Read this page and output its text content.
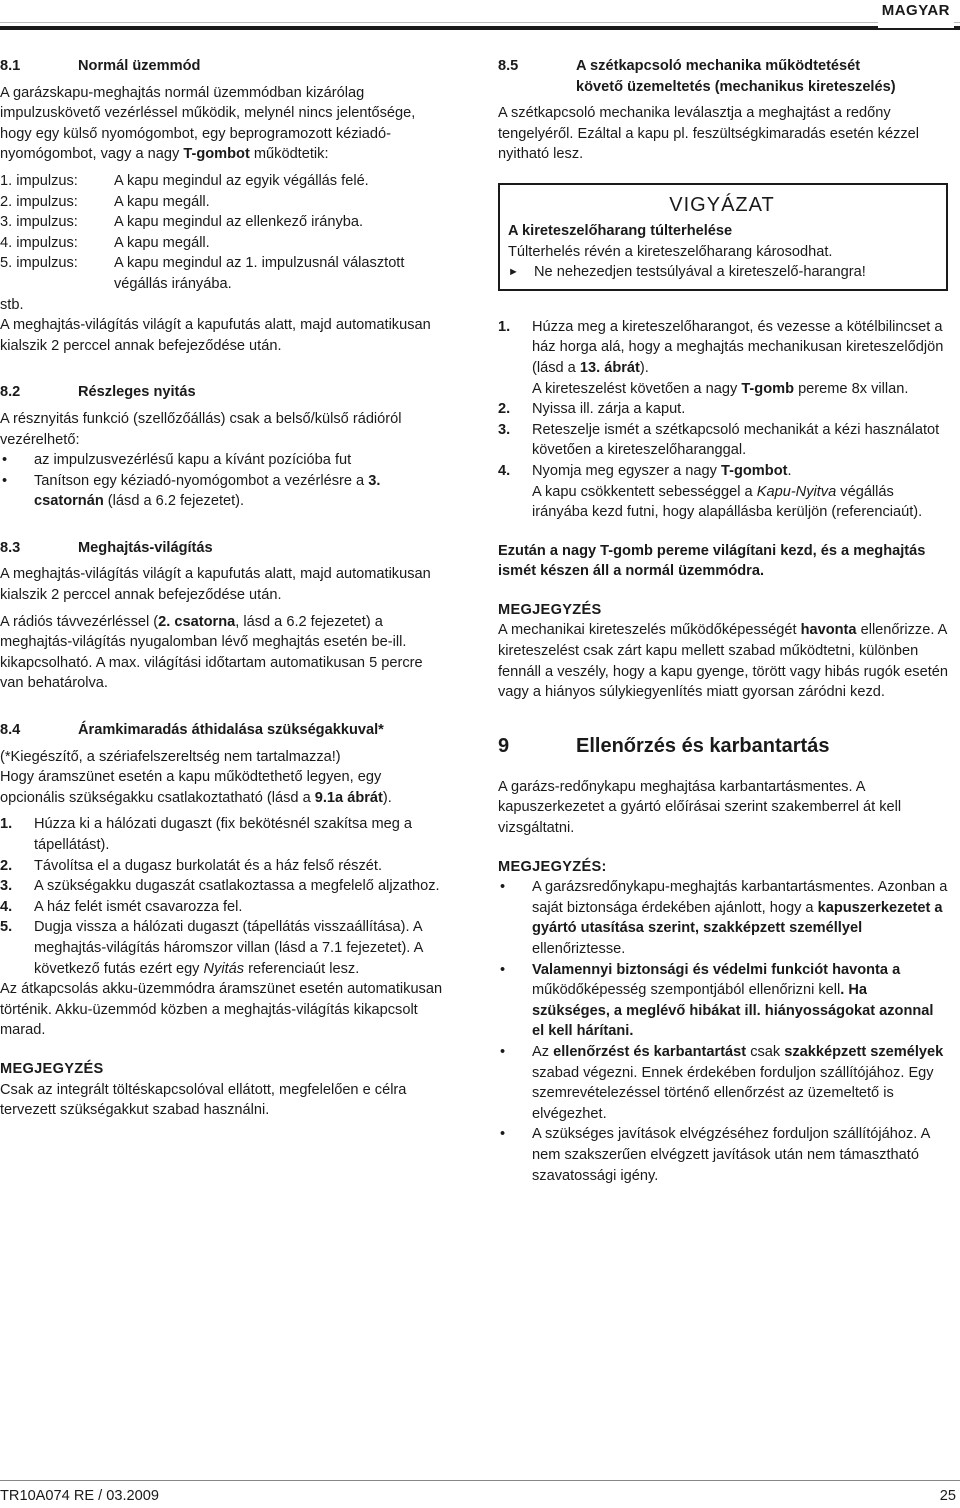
MAGYAR
8.1	Normál üzemmód

A garázskapu-meghajtás normál üzemmódban kizárólag impulzuskövető vezérléssel működik, melynél nincs jelentősége, hogy egy külső nyomógombot, egy beprogramozott kéziadó-nyomógombot, vagy a nagy T-gombot működtetik:

1. impulzus:	A kapu megindul az egyik végállás felé.
2. impulzus:	A kapu megáll.
3. impulzus:	A kapu megindul az ellenkező irányba.
4. impulzus:	A kapu megáll.
5. impulzus:	A kapu megindul az 1. impulzusnál választott végállás irányába.

stb.

A meghajtás-világítás világít a kapufutás alatt, majd automatikusan kialszik 2 perccel annak befejeződése után.

8.2	Részleges nyitás

A résznyitás funkció (szellőzőállás) csak a belső/külső rádióról vezérelhető:

• az impulzusvezérlésű kapu a kívánt pozícióba fut
• Tanítson egy kéziadó-nyomógombot a vezérlésre a 3. csatornán (lásd a 6.2 fejezetet).
8.3	Meghajtás-világítás

A meghajtás-világítás világít a kapufutás alatt, majd automatikusan kialszik 2 perccel annak befejeződése után.

A rádiós távvezérléssel (2. csatorna, lásd a 6.2 fejezetet) a meghajtás-világítás nyugalomban lévő meghajtás esetén be-ill. kikapcsolható. A max. világítási időtartam automatikusan 5 percre van behatárolva.

8.4	Áramkimaradás áthidalása szükségakkuval*

(*Kiegészítő, a szériafelszereltség nem tartalmazza!)

Hogy áramszünet esetén a kapu működtethető legyen, egy opcionális szükségakku csatlakoztatható (lásd a 9.1a ábrát).

1.	Húzza ki a hálózati dugaszt (fix bekötésnél szakítsa meg a tápellátást).
2.	Távolítsa el a dugasz burkolatát és a ház felső részét.
3.	A szükségakku dugaszát csatlakoztassa a megfelelő aljzathoz.
4.	A ház felét ismét csavarozza fel.
5.	Dugja vissza a hálózati dugaszt (tápellátás visszaállítása). A meghajtás-világítás háromszor villan (lásd a 7.1 fejezetet). A következő futás ezért egy Nyitás referenciaút lesz.

Az átkapcsolás akku-üzemmódra áramszünet esetén automatikusan történik. Akku-üzemmód közben a meghajtás-világítás kikapcsolt marad.

MEGJEGYZÉS

Csak az integrált töltéskapcsolóval ellátott, megfelelően e célra tervezett szükségakkut szabad használni.

8.5	A szétkapcsoló mechanika működtetését
követő üzemeltetés (mechanikus kireteszelés)

A szétkapcsoló mechanika leválasztja a meghajtást a redőny tengelyéről. Ezáltal a kapu pl. feszültségkimaradás esetén kézzel nyitható lesz.

VIGYÁZAT
A kireteszelőharang túlterhelése
Túlterhelés révén a kireteszelőharang károsodhat.
►	Ne nehezedjen testsúlyával a kireteszelő-harangra!
1.	Húzza meg a kireteszelőharangot, és vezesse a kötélbilincset a ház horga alá, hogy a meghajtás mechanikusan kireteszelődjön (lásd a 13. ábrát).
A kireteszelést követően a nagy T-gomb pereme 8x villan.
2.	Nyissa ill. zárja a kaput.
3.	Reteszelje ismét a szétkapcsoló mechanikát a kézi használatot követően a kireteszelőharanggal.
4.	Nyomja meg egyszer a nagy T-gombot.
A kapu csökkentett sebességgel a Kapu-Nyitva végállás irányába kezd futni, hogy alapállásba kerüljön (referenciaút).

Ezután a nagy T-gomb pereme világítani kezd, és a meghajtás ismét készen áll a normál üzemmódra.

MEGJEGYZÉS

A mechanikai kireteszelés működőképességét havonta ellenőrizze. A kireteszelést csak zárt kapu mellett szabad működtetni, különben fennáll a veszély, hogy a kapu gyenge, törött vagy hibás rugók esetén vagy a hiányos súlykiegyenlítés miatt gyorsan záródni kezd.

9	Ellenőrzés és karbantartás

A garázs-redőnykapu meghajtása karbantartásmentes. A kapuszerkezetet a gyártó előírásai szerint szakemberrel át kell vizsgáltatni.

MEGJEGYZÉS:

• A garázsredőnykapu-meghajtás karbantartásmentes. Azonban a saját biztonsága érdekében ajánlott, hogy a kapuszerkezetet a gyártó utasítása szerint, szakképzett személlyel ellenőriztesse.
• Valamennyi biztonsági és védelmi funkciót havonta a működőképesség szempontjából ellenőrizni kell. Ha szükséges, a meglévő hibákat ill. hiányosságokat azonnal el kell hárítani.
• Az ellenőrzést és karbantartást csak szakképzett személyek szabad végezni. Ennek érdekében forduljon szállítójához. Egy szemrevételezéssel történő ellenőrzést az üzemeltető is elvégezhet.
• A szükséges javítások elvégzéséhez forduljon szállítójához. A nem szakszerűen elvégzett javítások után nem támasztható szavatossági igény.
TR10A074 RE / 03.2009	25
